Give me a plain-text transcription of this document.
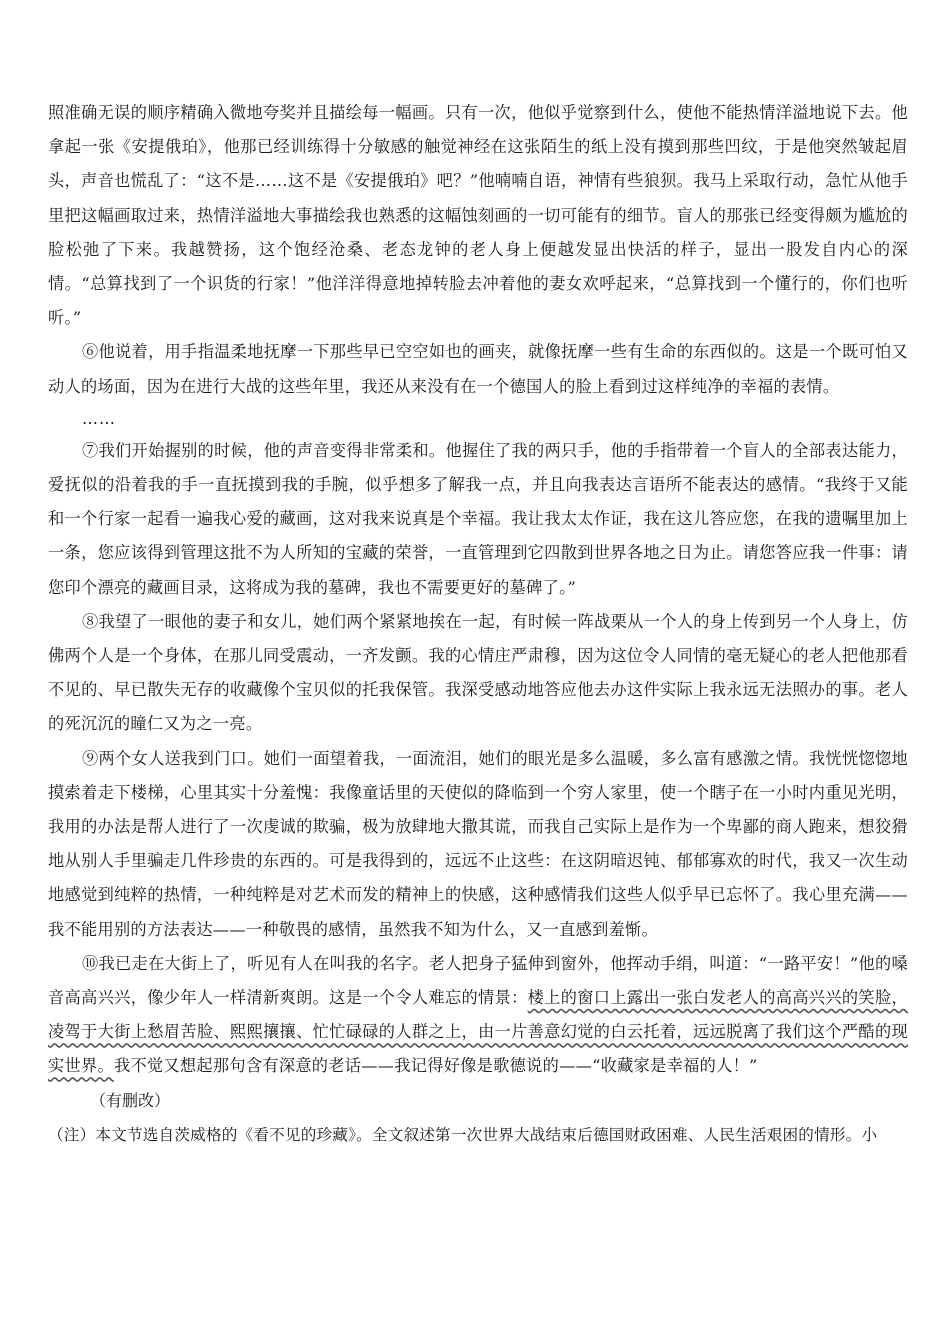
照准确无误的顺序精确入微地夸奖并且描绘每一幅画。只有一次，他似乎觉察到什么，使他不能热情洋溢地说下去。他拿起一张《安提俄珀》，他那已经训练得十分敏感的触觉神经在这张陌生的纸上没有摸到那些凹纹，于是他突然皱起眉头，声音也慌乱了：“这不是……这不是《安提俄珀》吧？”他喃喃自语，神情有些狼狈。我马上采取行动，急忙从他手里把这幅画取过来，热情洋溢地大事描绘我也熟悉的这幅蚀刻画的一切可能有的细节。盲人的那张已经变得颇为尴尬的脸松弛了下来。我越赞扬，这个饱经沧桑、老态龙钟的老人身上便越发显出快活的样子，显出一股发自内心的深情。“总算找到了一个识货的行家！”他洋洋得意地掉转脸去冲着他的妻女欢呼起来，“总算找到一个懂行的，你们也听听。”

⑥他说着，用手指温柔地抚摩一下那些早已空空如也的画夹，就像抚摩一些有生命的东西似的。这是一个既可怕又动人的场面，因为在进行大战的这些年里，我还从来没有在一个德国人的脸上看到过这样纯净的幸福的表情。

……

⑦我们开始握别的时候，他的声音变得非常柔和。他握住了我的两只手，他的手指带着一个盲人的全部表达能力，爱抚似的沿着我的手一直抚摸到我的手腕，似乎想多了解我一点，并且向我表达言语所不能表达的感情。“我终于又能和一个行家一起看一遍我心爱的藏画，这对我来说真是个幸福。我让我太太作证，我在这儿答应您，在我的遗嘱里加上一条，您应该得到管理这批不为人所知的宝藏的荣誉，一直管理到它四散到世界各地之日为止。请您答应我一件事：请您印个漂亮的藏画目录，这将成为我的墓碑，我也不需要更好的墓碑了。”

⑧我望了一眼他的妻子和女儿，她们两个紧紧地挨在一起，有时候一阵战栗从一个人的身上传到另一个人身上，仿佛两个人是一个身体，在那儿同受震动，一齐发颤。我的心情庄严肃穆，因为这位令人同情的毫无疑心的老人把他那看不见的、早已散失无存的收藏像个宝贝似的托我保管。我深受感动地答应他去办这件实际上我永远无法照办的事。老人的死沉沉的瞳仁又为之一亮。

⑨两个女人送我到门口。她们一面望着我，一面流泪，她们的眼光是多么温暖，多么富有感激之情。我恍恍惚惚地摸索着走下楼梯，心里其实十分羞愧：我像童话里的天使似的降临到一个穷人家里，使一个瞎子在一小时内重见光明，我用的办法是帮人进行了一次虔诚的欺骗，极为放肆地大撒其谎，而我自己实际上是作为一个卑鄙的商人跑来，想狡猾地从别人手里骗走几件珍贵的东西的。可是我得到的，远远不止这些：在这阴暗迟钝、郁郁寡欢的时代，我又一次生动地感觉到纯粹的热情，一种纯粹是对艺术而发的精神上的快感，这种感情我们这些人似乎早已忘怀了。我心里充满——我不能用别的方法表达——一种敬畏的感情，虽然我不知为什么，又一直感到羞惭。

⑩我已走在大街上了，听见有人在叫我的名字。老人把身子猛伸到窗外，他挥动手绢，叫道：“一路平安！”他的嗓音高高兴兴，像少年人一样清新爽朗。这是一个令人难忘的情景：楼上的窗口上露出一张白发老人的高高兴兴的笑脸，凌驾于大街上愁眉苦脸、熙熙攘攘、忙忙碌碌的人群之上，由一片善意幻觉的白云托着，远远脱离了我们这个严酷的现实世界。我不觉又想起那句含有深意的老话——我记得好像是歌德说的——“收藏家是幸福的人！”

（有删改）
（注）本文节选自茨威格的《看不见的珍藏》。全文叙述第一次世界大战结束后德国财政困难、人民生活艰困的情形。小
